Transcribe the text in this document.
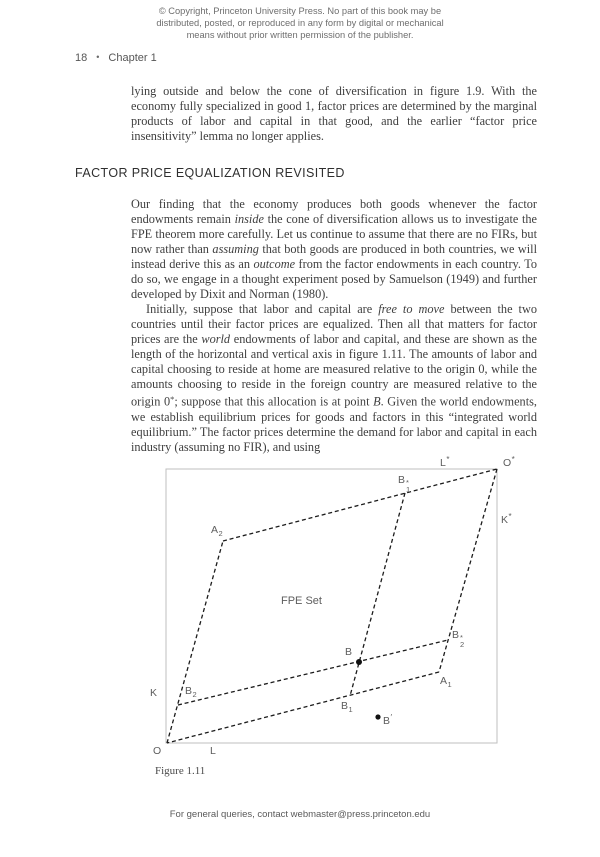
© Copyright, Princeton University Press. No part of this book may be
distributed, posted, or reproduced in any form by digital or mechanical
means without prior written permission of the publisher.
18 • Chapter 1
lying outside and below the cone of diversification in figure 1.9. With the economy fully specialized in good 1, factor prices are determined by the marginal products of labor and capital in that good, and the earlier “factor price insensitivity” lemma no longer applies.
FACTOR PRICE EQUALIZATION REVISITED

Our finding that the economy produces both goods whenever the factor endowments remain inside the cone of diversification allows us to investigate the FPE theorem more carefully. Let us continue to assume that there are no FIRs, but now rather than assuming that both goods are produced in both countries, we will instead derive this as an outcome from the factor endowments in each country. To do so, we engage in a thought experiment posed by Samuelson (1949) and further developed by Dixit and Norman (1980).

Initially, suppose that labor and capital are free to move between the two countries until their factor prices are equalized. Then all that matters for factor prices are the world endowments of labor and capital, and these are shown as the length of the horizontal and vertical axis in figure 1.11. The amounts of labor and capital choosing to reside at home are measured relative to the origin 0, while the amounts choosing to reside in the foreign country are measured relative to the origin 0*; suppose that this allocation is at point B. Given the world endowments, we establish equilibrium prices for goods and factors in this “integrated world equilibrium.” The factor prices determine the demand for labor and capital in each industry (assuming no FIR), and using

L*	O*
B *
1
K*
$A_2$
FPE Set
B *
2
B
$A_1$
K	$B_2$
$B_1$
B′
O	L
Figure 1.11
For general queries, contact webmaster@press.princeton.edu
